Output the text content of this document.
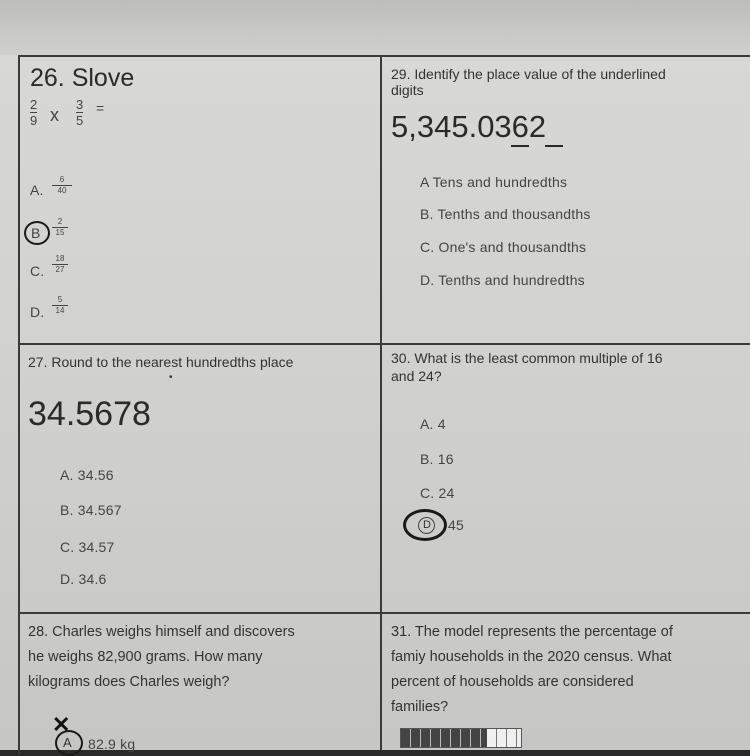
26. Slove
2
9 x
3
5
=
A.
6
40
B
2
15
C.
18
27
D.
5
14
29. Identify the place value of the underlined
digits
5,345.0362
A Tens and hundredths
B. Tenths and thousandths
C. One's and thousandths
D. Tenths and hundredths
27. Round to the nearest hundredths place
•
34.5678
A. 34.56
B. 34.567
C. 34.57
D. 34.6
30. What is the least common multiple of 16
and 24?
A. 4
B. 16
C. 24
D 45
28. Charles weighs himself and discovers
he weighs 82,900 grams. How many
kilograms does Charles weigh?
✕
A 82.9 kg
31. The model represents the percentage of
famiy households in the 2020 census. What
percent of households are considered
families?
